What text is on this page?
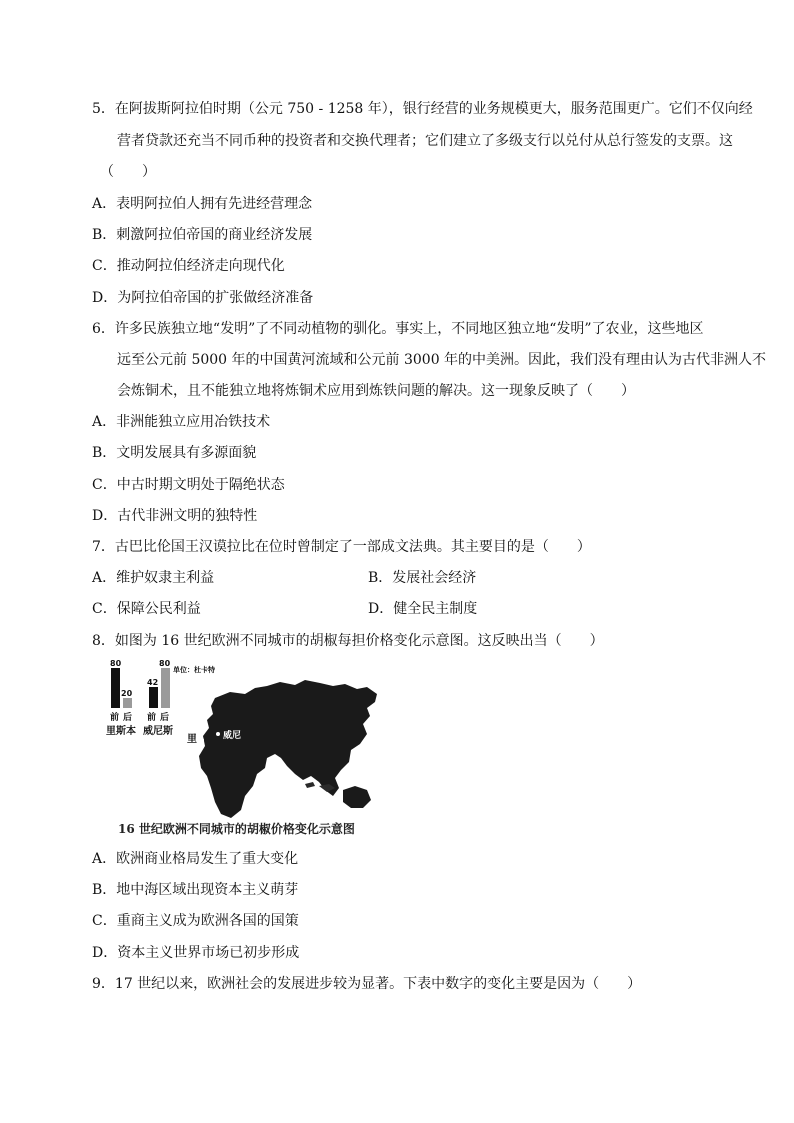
5．在阿拔斯阿拉伯时期（公元 750 - 1258 年），银行经营的业务规模更大，服务范围更广。它们不仅向经
营者贷款还充当不同币种的投资者和交换代理者；它们建立了多级支行以兑付从总行签发的支票。这
（　　）
A．表明阿拉伯人拥有先进经营理念
B．刺激阿拉伯帝国的商业经济发展
C．推动阿拉伯经济走向现代化
D．为阿拉伯帝国的扩张做经济准备
6．许多民族独立地“发明”了不同动植物的驯化。事实上，不同地区独立地“发明”了农业，这些地区
远至公元前 5000 年的中国黄河流域和公元前 3000 年的中美洲。因此，我们没有理由认为古代非洲人不
会炼铜术，且不能独立地将炼铜术应用到炼铁问题的解决。这一现象反映了（　　）
A．非洲能独立应用冶铁技术
B．文明发展具有多源面貌
C．中古时期文明处于隔绝状态
D．古代非洲文明的独特性
7．古巴比伦国王汉谟拉比在位时曾制定了一部成文法典。其主要目的是（　　）
A．维护奴隶主利益	B．发展社会经济
C．保障公民利益	D．健全民主制度
8．如图为 16 世纪欧洲不同城市的胡椒每担价格变化示意图。这反映出当（　　）
80
20
前 后
里斯本
42
80
前 后
威尼斯
单位：杜卡特
里	威尼
16 世纪欧洲不同城市的胡椒价格变化示意图
A．欧洲商业格局发生了重大变化
B．地中海区域出现资本主义萌芽
C．重商主义成为欧洲各国的国策
D．资本主义世界市场已初步形成
9．17 世纪以来，欧洲社会的发展进步较为显著。下表中数字的变化主要是因为（　　）
